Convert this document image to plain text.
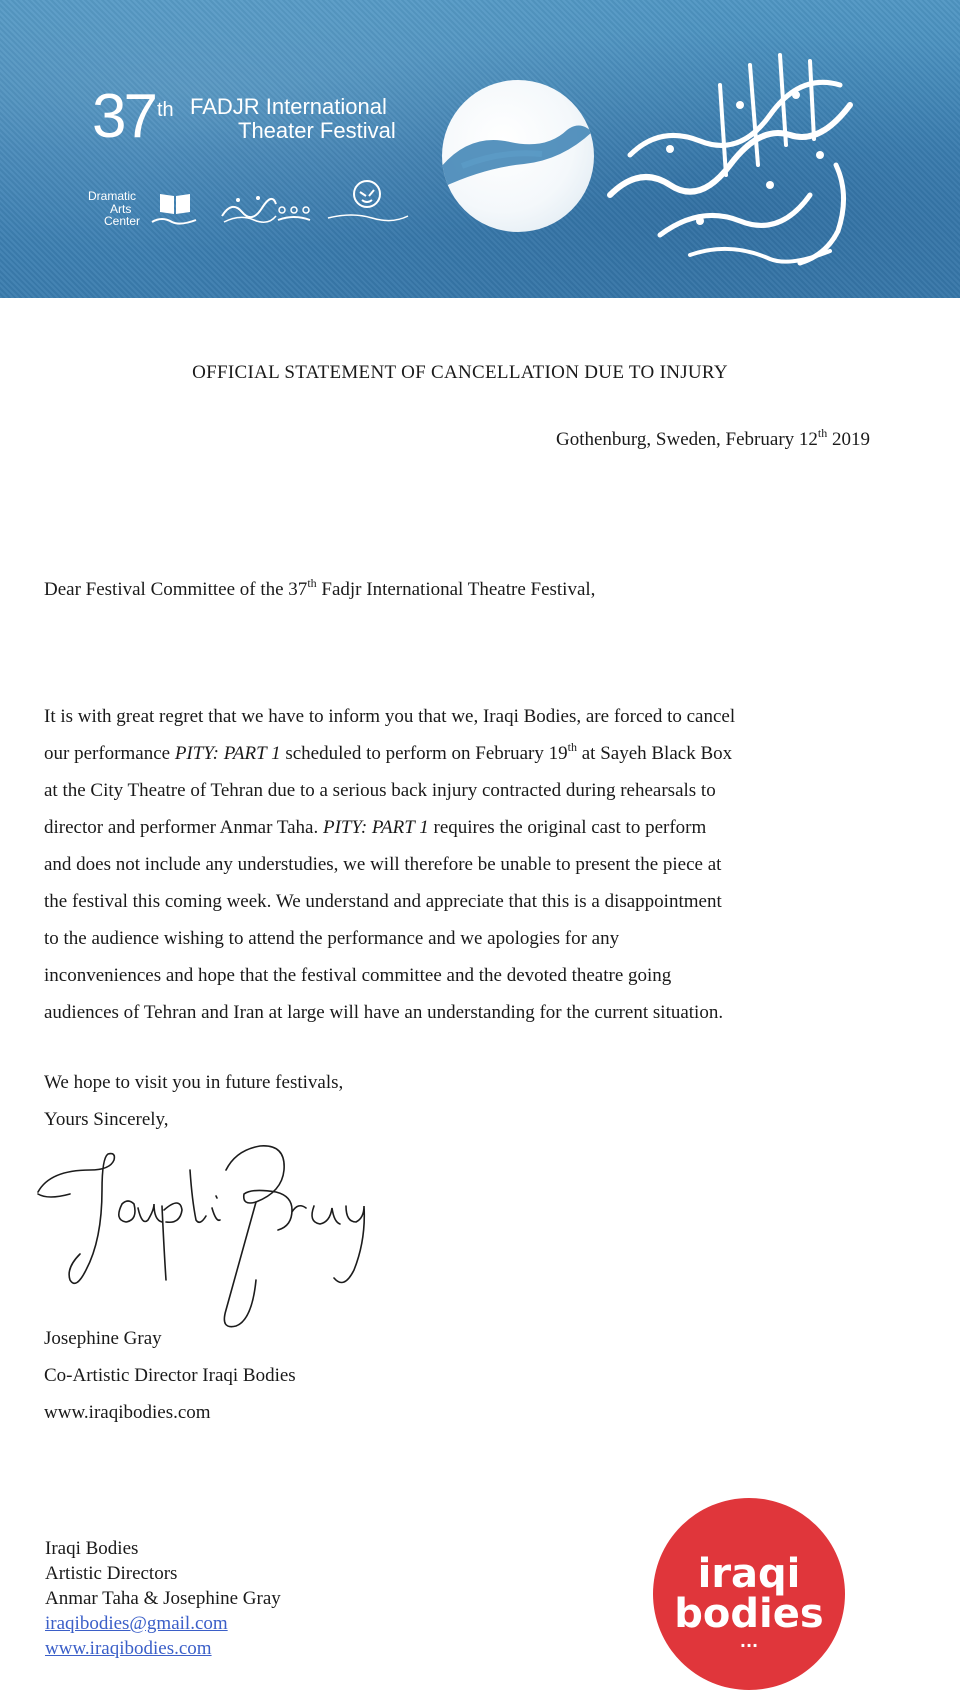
37 th FADJR International
Theater Festival
Dramatic
Arts
Center
OFFICIAL STATEMENT OF CANCELLATION DUE TO INJURY
Gothenburg, Sweden, February 12th 2019
Dear Festival Committee of the 37th Fadjr International Theatre Festival,
It is with great regret that we have to inform you that we, Iraqi Bodies, are forced to cancel
our performance PITY: PART 1 scheduled to perform on February 19th at Sayeh Black Box
at the City Theatre of Tehran due to a serious back injury contracted during rehearsals to
director and performer Anmar Taha. PITY: PART 1 requires the original cast to perform
and does not include any understudies, we will therefore be unable to present the piece at
the festival this coming week. We understand and appreciate that this is a disappointment
to the audience wishing to attend the performance and we apologies for any
inconveniences and hope that the festival committee and the devoted theatre going
audiences of Tehran and Iran at large will have an understanding for the current situation.
We hope to visit you in future festivals,
Yours Sincerely,
Josephine Gray
Co-Artistic Director Iraqi Bodies
www.iraqibodies.com
Iraqi Bodies
Artistic Directors
Anmar Taha & Josephine Gray
iraqibodies@gmail.com
www.iraqibodies.com
iraqi
bodies
...
